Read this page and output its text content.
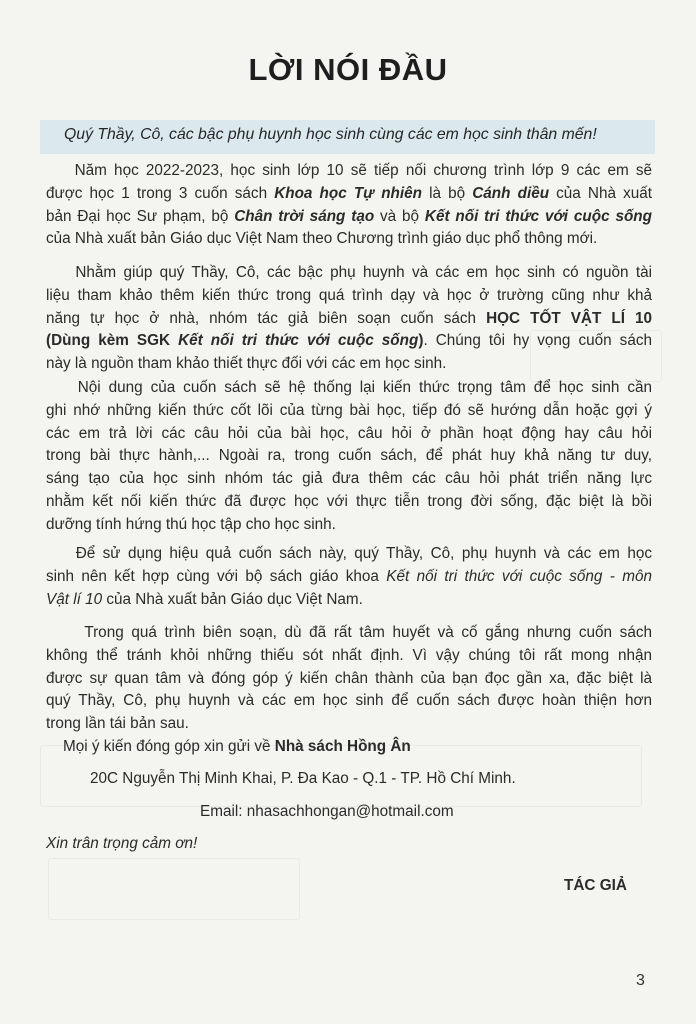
LỜI NÓI ĐẦU
Quý Thầy, Cô, các bậc phụ huynh học sinh cùng các em học sinh thân mến!
Năm học 2022-2023, học sinh lớp 10 sẽ tiếp nối chương trình lớp 9 các em sẽ
được học 1 trong 3 cuốn sách Khoa học Tự nhiên là bộ Cánh diều của Nhà xuất
bản Đại học Sư phạm, bộ Chân trời sáng tạo và bộ Kết nối tri thức với cuộc sống
của Nhà xuất bản Giáo dục Việt Nam theo Chương trình giáo dục phổ thông mới.
Nhằm giúp quý Thầy, Cô, các bậc phụ huynh và các em học sinh có nguồn tài
liệu tham khảo thêm kiến thức trong quá trình dạy và học ở trường cũng như khả
năng tự học ở nhà, nhóm tác giả biên soạn cuốn sách HỌC TỐT VẬT LÍ 10
(Dùng kèm SGK Kết nối tri thức với cuộc sống). Chúng tôi hy vọng cuốn sách
này là nguồn tham khảo thiết thực đối với các em học sinh.
Nội dung của cuốn sách sẽ hệ thống lại kiến thức trọng tâm để học sinh cần
ghi nhớ những kiến thức cốt lõi của từng bài học, tiếp đó sẽ hướng dẫn hoặc gợi ý
các em trả lời các câu hỏi của bài học, câu hỏi ở phần hoạt động hay câu hỏi
trong bài thực hành,... Ngoài ra, trong cuốn sách, để phát huy khả năng tư duy,
sáng tạo của học sinh nhóm tác giả đưa thêm các câu hỏi phát triển năng lực
nhằm kết nối kiến thức đã được học với thực tiễn trong đời sống, đặc biệt là bồi
dưỡng tính hứng thú học tập cho học sinh.
Để sử dụng hiệu quả cuốn sách này, quý Thầy, Cô, phụ huynh và các em học
sinh nên kết hợp cùng với bộ sách giáo khoa Kết nối tri thức với cuộc sống - môn
Vật lí 10 của Nhà xuất bản Giáo dục Việt Nam.
Trong quá trình biên soạn, dù đã rất tâm huyết và cố gắng nhưng cuốn sách
không thể tránh khỏi những thiếu sót nhất định. Vì vậy chúng tôi rất mong nhận
được sự quan tâm và đóng góp ý kiến chân thành của bạn đọc gần xa, đặc biệt là
quý Thầy, Cô, phụ huynh và các em học sinh để cuốn sách được hoàn thiện hơn
trong lần tái bản sau.
Mọi ý kiến đóng góp xin gửi về Nhà sách Hồng Ân
20C Nguyễn Thị Minh Khai, P. Đa Kao - Q.1 - TP. Hồ Chí Minh.
Email: nhasachhongan@hotmail.com
Xin trân trọng cảm ơn!
TÁC GIẢ
3
